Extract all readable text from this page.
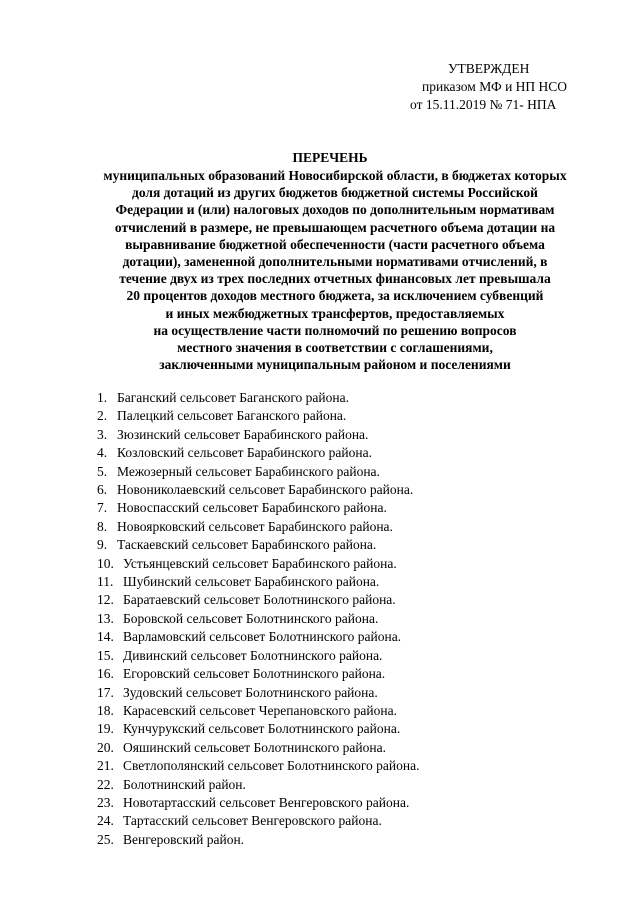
УТВЕРЖДЕН
приказом МФ и НП НСО
от 15.11.2019 № 71- НПА
ПЕРЕЧЕНЬ
муниципальных образований Новосибирской области, в бюджетах которых
доля дотаций из других бюджетов бюджетной системы Российской
Федерации и (или) налоговых доходов по дополнительным нормативам
отчислений в размере, не превышающем расчетного объема дотации на
выравнивание бюджетной обеспеченности (части расчетного объема
дотации), замененной дополнительными нормативами отчислений, в
течение двух из трех последних отчетных финансовых лет превышала
20 процентов доходов местного бюджета, за исключением субвенций
и иных межбюджетных трансфертов, предоставляемых
на осуществление части полномочий по решению вопросов
местного значения в соответствии с соглашениями,
заключенными муниципальным районом и поселениями
1. Баганский сельсовет Баганского района.
2. Палецкий сельсовет Баганского района.
3. Зюзинский сельсовет Барабинского района.
4. Козловский сельсовет Барабинского района.
5. Межозерный сельсовет Барабинского района.
6. Новониколаевский сельсовет Барабинского района.
7. Новоспасский сельсовет Барабинского района.
8. Новоярковский сельсовет Барабинского района.
9. Таскаевский сельсовет Барабинского района.
10. Устьянцевский сельсовет Барабинского района.
11. Шубинский сельсовет Барабинского района.
12. Баратаевский сельсовет Болотнинского района.
13. Боровской сельсовет Болотнинского района.
14. Варламовский сельсовет Болотнинского района.
15. Дивинский сельсовет Болотнинского района.
16. Егоровский сельсовет Болотнинского района.
17. Зудовский сельсовет Болотнинского района.
18. Карасевский сельсовет Черепановского района.
19. Кунчурукский сельсовет Болотнинского района.
20. Ояшинский сельсовет Болотнинского района.
21. Светлополянский сельсовет Болотнинского района.
22. Болотнинский район.
23. Новотартасский сельсовет Венгеровского района.
24. Тартасский сельсовет Венгеровского района.
25. Венгеровский район.
